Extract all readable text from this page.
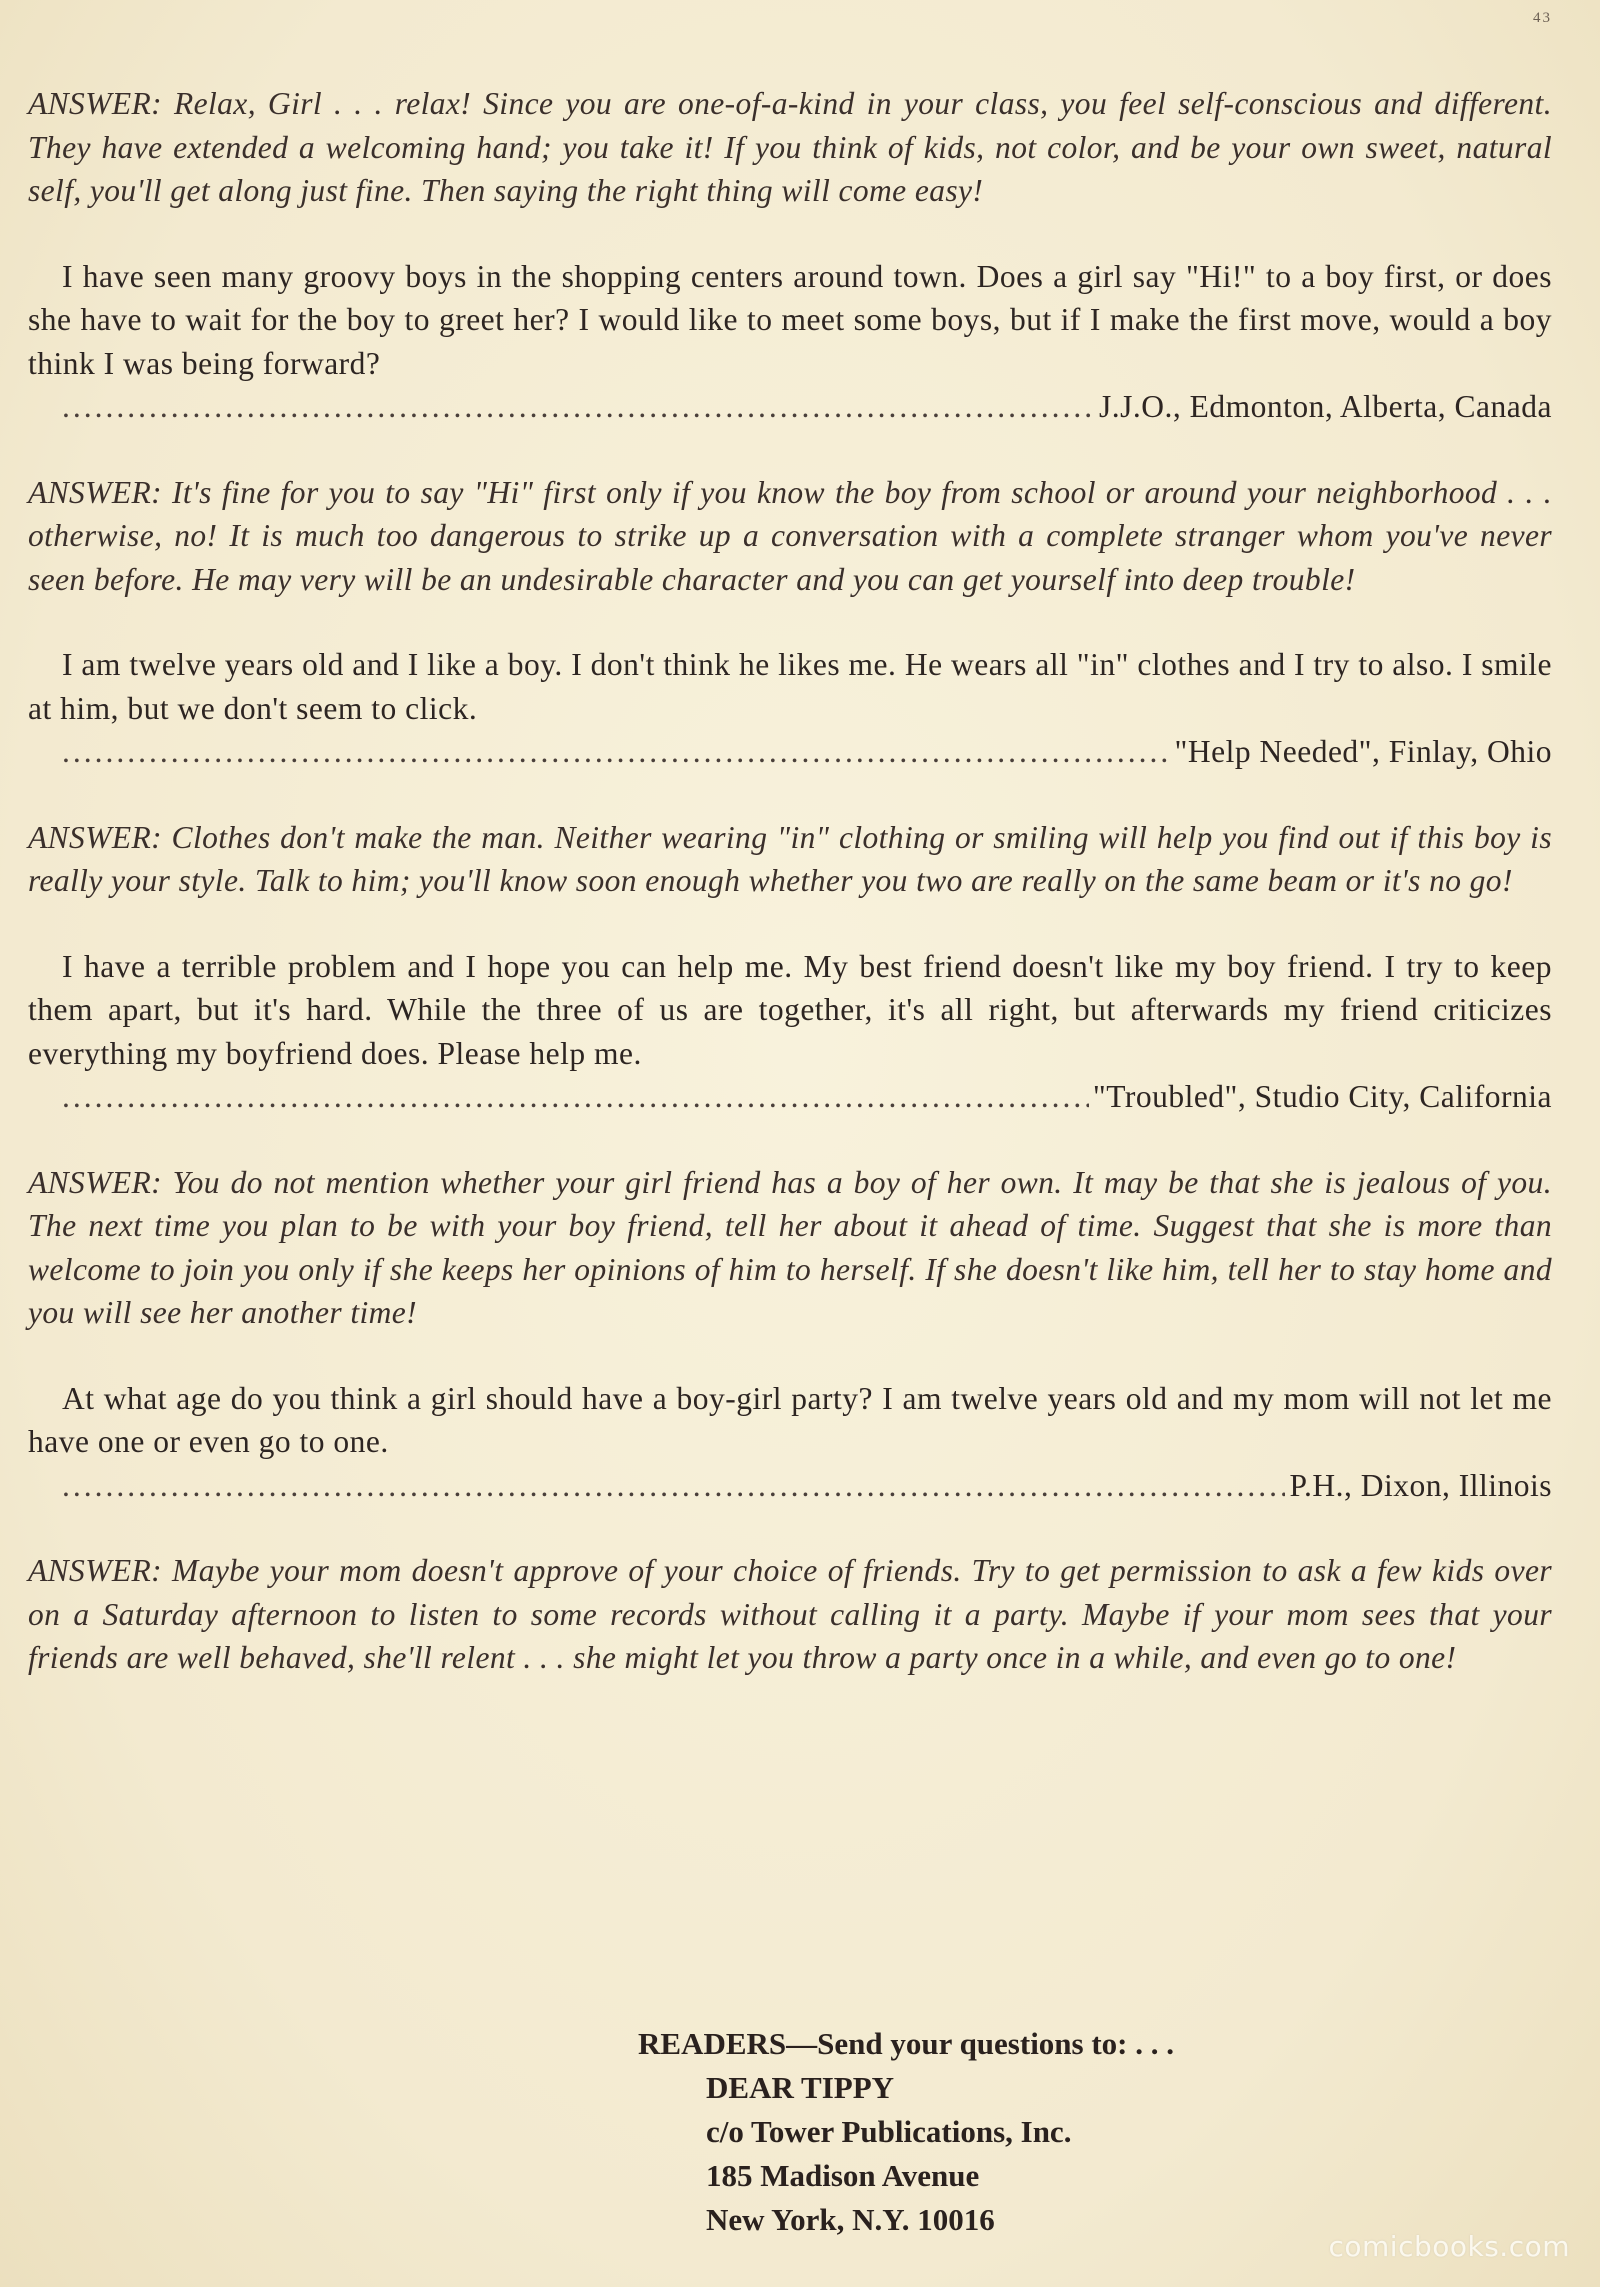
43

ANSWER: Relax, Girl . . . relax! Since you are one-of-a-kind in your class, you feel self-conscious and different. They have extended a welcoming hand; you take it! If you think of kids, not color, and be your own sweet, natural self, you'll get along just fine. Then saying the right thing will come easy!

I have seen many groovy boys in the shopping centers around town. Does a girl say "Hi!" to a boy first, or does she have to wait for the boy to greet her? I would like to meet some boys, but if I make the first move, would a boy think I was being forward?

.....
J.J.O., Edmonton, Alberta, Canada

ANSWER: It's fine for you to say "Hi" first only if you know the boy from school or around your neighborhood . . . otherwise, no! It is much too dangerous to strike up a conversation with a complete stranger whom you've never seen before. He may very will be an undesirable character and you can get yourself into deep trouble!

I am twelve years old and I like a boy. I don't think he likes me. He wears all "in" clothes and I try to also. I smile at him, but we don't seem to click.

.....
"Help Needed", Finlay, Ohio

ANSWER: Clothes don't make the man. Neither wearing "in" clothing or smiling will help you find out if this boy is really your style. Talk to him; you'll know soon enough whether you two are really on the same beam or it's no go!

I have a terrible problem and I hope you can help me. My best friend doesn't like my boy friend. I try to keep them apart, but it's hard. While the three of us are together, it's all right, but afterwards my friend criticizes everything my boyfriend does. Please help me.

.....
"Troubled", Studio City, California

ANSWER: You do not mention whether your girl friend has a boy of her own. It may be that she is jealous of you. The next time you plan to be with your boy friend, tell her about it ahead of time. Suggest that she is more than welcome to join you only if she keeps her opinions of him to herself. If she doesn't like him, tell her to stay home and you will see her another time!

At what age do you think a girl should have a boy-girl party? I am twelve years old and my mom will not let me have one or even go to one.

.....
P.H., Dixon, Illinois

ANSWER: Maybe your mom doesn't approve of your choice of friends. Try to get permission to ask a few kids over on a Saturday afternoon to listen to some records without calling it a party. Maybe if your mom sees that your friends are well behaved, she'll relent . . . she might let you throw a party once in a while, and even go to one!

READERS—Send your questions to: . . .
DEAR TIPPY
c/o Tower Publications, Inc.
185 Madison Avenue
New York, N.Y. 10016
comicbooks.com
